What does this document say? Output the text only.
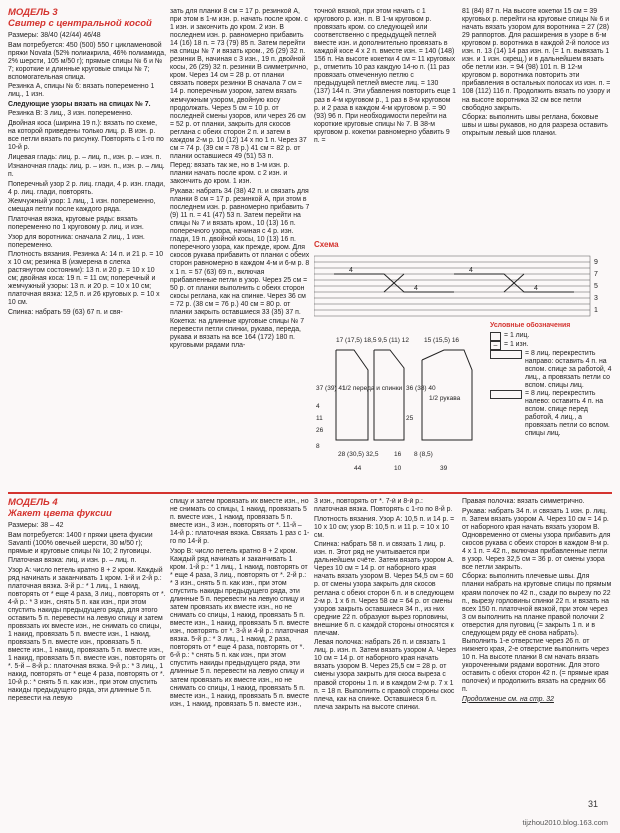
МОДЕЛЬ 3
Свитер с центральной косой

Размеры: 38/40 (42/44) 46/48

Вам потребуется: 450 (500) 550 г цикламеновой пряжи Novata (52% полиакрила, 46% полиамида, 2% шерсти, 105 м/50 г); прямые спицы № 6 и № 7; короткие и длинные круговые спицы № 7; вспомогательная спица.

Резинка А, спицы № 6: вязать попеременно 1 лиц., 1 изн.

Следующие узоры вязать на спицах № 7.

Резинка В: 3 лиц., 3 изн. попеременно.

Двойная коса (ширина 19 п.): вязать по схеме, на которой приведены только лиц. р. В изн. р. все петли вязать по рисунку. Повторять с 1-го по 10-й р.

Лицевая гладь: лиц. р. – лиц. п., изн. р. – изн. п.

Изнаночная гладь: лиц. р. – изн. п., изн. р. – лиц. п.

Поперечный узор 2 р. лиц. глади, 4 р. изн. глади, 4 р. лиц. глади, повторять.

Жемчужный узор: 1 лиц., 1 изн. попеременно, смещая петли после каждого ряда.

Платочная вязка, круговые ряды: вязать попеременно по 1 круговому р. лиц. и изн.

Узор для воротника: сначала 2 лиц., 1 изн. попеременно.

Плотность вязания. Резинка А: 14 п. и 21 р. = 10 х 10 см; резинка В (измерена в слегка растянутом состоянии): 13 п. и 20 р. = 10 х 10 см; двойная коса: 19 п. = 11 см; поперечный и жемчужный узоры: 13 п. и 20 р. = 10 х 10 см; платочная вязка: 12,5 п. и 26 круговых р. = 10 х 10 см.

Спинка: набрать 59 (63) 67 п. и свя-

зать для планки 8 см = 17 р. резинкой А, при этом в 1-м изн. р. начать после кром. с 1 изн. и закончить до кром. 2 изн. В последнем изн. р. равномерно прибавить 14 (16) 18 п. = 73 (79) 85 п. Затем перейти на спицы № 7 и вязать кром., 26 (29) 32 п. резинки В, начиная с 3 изн., 19 п. двойной косы, 26 (29) 32 п. резинки В симметрично, кром. Через 14 см = 28 р. от планки связать поверх резинки В сначала 7 см = 14 р. поперечным узором, затем вязать жемчужным узором, двойную косу продолжать. Через 5 см = 10 р. от последней смены узоров, или через 26 см = 52 р. от планки, закрыть для скосов реглана с обеих сторон 2 п. и затем в каждом 2-м р. 10 (12) 14 х по 1 п. Через 37 см = 74 р. (39 см = 78 р.) 41 см = 82 р. от планки оставшиеся 49 (51) 53 п.

Перед: вязать так же, но в 1-м изн. р. планки начать после кром. с 2 изн. и закончить до кром. 1 изн.

Рукава: набрать 34 (38) 42 п. и связать для планки 8 см = 17 р. резинкой А, при этом в последнем изн. р. равномерно прибавить 7 (9) 11 п. = 41 (47) 53 п. Затем перейти на спицы № 7 и вязать кром., 10 (13) 16 п. поперечного узора, начиная с 4 р. изн. глади, 19 п. двойной косы, 10 (13) 16 п. поперечного узора, как прежде, кром. Для скосов рукава прибавить от планки с обеих сторон равномерно в каждом 4-м и 6-м р. 8 х 1 п. = 57 (63) 69 п., включая прибавленные петли в узор. Через 25 см = 50 р. от планки выполнить с обеих сторон скосы реглана, как на спинке. Через 36 см = 72 р. (38 см = 76 р.) 40 см = 80 р. от планки закрыть оставшиеся 33 (35) 37 п.

Кокетка: на длинные круговые спицы № 7 перевести петли спинки, рукава, переда, рукава и вязать на все 164 (172) 180 п. круговыми рядами пла-

точной вязкой, при этом начать с 1 кругового р. изн. п. В 1-м круговом р. провязать кром. со следующей или соответственно с предыдущей петлей вместе изн. и дополнительно провязать в каждой косе 4 х 2 п. вместе изн. = 140 (148) 156 п. На высоте кокетки 4 см = 11 круговых р., отметить 10 раз каждую 14-ю п. (11 раз провязать отмеченную петлю с предыдущей петлей вместе лиц. = 130 (137) 144 п. Эти убавления повторить еще 1 раз в 4-м круговом р., 1 раз в 8-м круговом р. и 2 раза в каждом 4-м круговом р. = 90 (93) 96 п. При необходимости перейти на короткие круговые спицы № 7. В 38-м круговом р. кокетки равномерно убавить 9 п. =

81 (84) 87 п. На высоте кокетки 15 см = 39 круговых р. перейти на круговые спицы № 6 и начать вязать узором для воротника = 27 (28) 29 раппортов. Для расширения в узоре в 6-м круговом р. воротника в каждой 2-й полосе из изн. п. 13 (14) 14 раз изн. п. (= 1 п. вывязать 1 изн. и 1 изн. скрещ.) и в дальнейшем вязать обе петли изн. = 94 (98) 101 п. В 12-м круговом р. воротника повторить эти прибавления в остальных полосах из изн. п. = 108 (112) 116 п. Продолжить вязать по узору и на высоте воротника 32 см все петли свободно закрыть.

Сборка: выполнить швы реглана, боковые швы и швы рукавов, но для разреза оставить открытым левый шов планки.

Схема
4
4
4
4
9
7
5
3
1
1/2 переда и спинки
1/2 рукава
17 (17,5) 18,5 9,5 (11) 12 15 (15,5) 16
37 (39) 41
4
11
26
8
36 (38) 40
25
28 (30,5) 32,5 16 8 (8,5)
44	10	39

Условные обозначения

= 1 лиц.
– = 1 изн.
= 8 лиц. перекрестить направо: оставить 4 п. на вспом. спице за работой, 4 лиц., а провязать петли со вспом. спицы лиц.
= 8 лиц. перекрестить налево: оставить 4 п. на вспом. спице перед работой, 4 лиц., а провязать петли со вспом. спицы лиц.
МОДЕЛЬ 4
Жакет цвета фуксии

Размеры: 38 – 42

Вам потребуется: 1400 г пряжи цвета фуксии Savanti (100% овечьей шерсти, 30 м/50 г); прямые и круговые спицы № 10; 2 пуговицы.

Платочная вязка: лиц. и изн. р. – лиц. п.

Узор А: число петель кратно 8 + 2 кром. Каждый ряд начинать и заканчивать 1 кром. 1-й и 2-й р.: платочная вязка. 3-й р.: * 1 лиц., 1 накид, повторять от * еще 4 раза, 3 лиц., повторять от *. 4-й р.: * 3 изн., снять 5 п. как изн., при этом спустить накиды предыдущего ряда, для этого оставить 5 п. перевести на левую спицу и затем провязать их вместе изн., не снимать со спицы, 1 накид, провязать 5 п. вместе изн., 1 накид, провязать 5 п. вместе изн., провязать 5 п. вместе изн., 1 накид, провязать 5 п. вместе изн., 1 накид, провязать 5 п. вместе изн., повторять от *. 5-й – 8-й р.: платочная вязка. 9-й р.: * 3 лиц., 1 накид, повторять от * еще 4 раза, повторять от *. 10-й р.: * снять 5 п. как изн., при этом спустить накиды предыдущего ряда, эти длинные 5 п. перевести на левую

спицу и затем провязать их вместе изн., но не снимать со спицы, 1 накид, провязать 5 п. вместе изн., 1 накид, провязать 5 п. вместе изн., 3 изн., повторять от *. 11-й – 14-й р.: платочная вязка. Связать 1 раз с 1-го по 14-й р.

Узор В: число петель кратно 8 + 2 кром. Каждый ряд начинать и заканчивать 1 кром. 1-й р.: * 1 лиц., 1 накид, повторять от * еще 4 раза, 3 лиц., повторять от *. 2-й р.: * 3 изн., снять 5 п. как изн., при этом спустить накиды предыдущего ряда, эти длинные 5 п. перевести на левую спицу и затем провязать их вместе изн., но не снимать со спицы, 1 накид, провязать 5 п. вместе изн., 1 накид, провязать 5 п. вместе изн., повторять от *. 3-й и 4-й р.: платочная вязка. 5-й р.: * 3 лиц., 1 накид, 2 раза, повторять от * еще 4 раза, повторять от *. 6-й р.: * снять 5 п. как изн., при этом спустить накиды предыдущего ряда, эти длинные 5 п. перевести на левую спицу и затем провязать их вместе изн., но не снимать со спицы, 1 накид, провязать 5 п. вместе изн., 1 накид, провязать 5 п. вместе изн., 1 накид, провязать 5 п. вместе изн.,

3 изн., повторять от *. 7-й и 8-й р.: платочная вязка. Повторять с 1-го по 8-й р.

Плотность вязания. Узор А: 10,5 п. и 14 р. = 10 х 10 см; узор В: 10,5 п. и 11 р. = 10 х 10 см.

Спинка: набрать 58 п. и связать 1 лиц. р. изн. п. Этот ряд не учитывается при дальнейшем счёте. Затем вязать узором А. Через 10 см = 14 р. от наборного края начать вязать узором В. Через 54,5 см = 60 р. от смены узора закрыть для скосов реглана с обеих сторон 6 п. и в следующем 2-м р. 1 х 6 п. Через 58 см = 64 р. от смены узоров закрыть оставшиеся 34 п., из них средние 22 п. образуют вырез горловины, внешние 6 п. с каждой стороны относятся к плечам.

Левая полочка: набрать 26 п. и связать 1 лиц. р. изн. п. Затем вязать узором А. Через 10 см = 14 р. от наборного края начать вязать узором В. Через 25,5 см = 28 р. от смены узора закрыть для скоса выреза с правой стороны 1 п. и в каждом 2-м р. 7 х 1 п. = 18 п. Выполнить с правой стороны скос плеча, как на спинке. Оставшиеся 6 п. плеча закрыть на высоте спинки.

Правая полочка: вязать симметрично.

Рукава: набрать 34 п. и связать 1 изн. р. лиц. п. Затем вязать узором А. Через 10 см = 14 р. от наборного края начать вязать узором В. Одновременно от смены узора прибавить для скосов рукава с обеих сторон в каждом 8-м р. 4 х 1 п. = 42 п., включая прибавленные петли в узор. Через 32,5 см = 36 р. от смены узора все петли закрыть.

Сборка: выполнить плечевые швы. Для планки набрать на круговые спицы по прямым краям полочек по 42 п., сзади по вырезу по 22 п., вырезу горловины спинки 22 п. и вязать на всех 150 п. платочной вязкой, при этом через 3 см выполнить на планке правой полочки 2 отверстия для пуговиц (= закрыть 1 п. и в следующем ряду её снова набрать). Выполнить 1-е отверстие через 26 п. от нижнего края, 2-е отверстие выполнить через 10 п. На высоте планки 8 см начать вязать укороченными рядами воротник. Для этого оставить с обеих сторон 42 п. (= прямые края полочек) и продолжить вязать на средних 66 п.

Продолжение см. на стр. 32

31
tijzhou2010.blog.163.com
